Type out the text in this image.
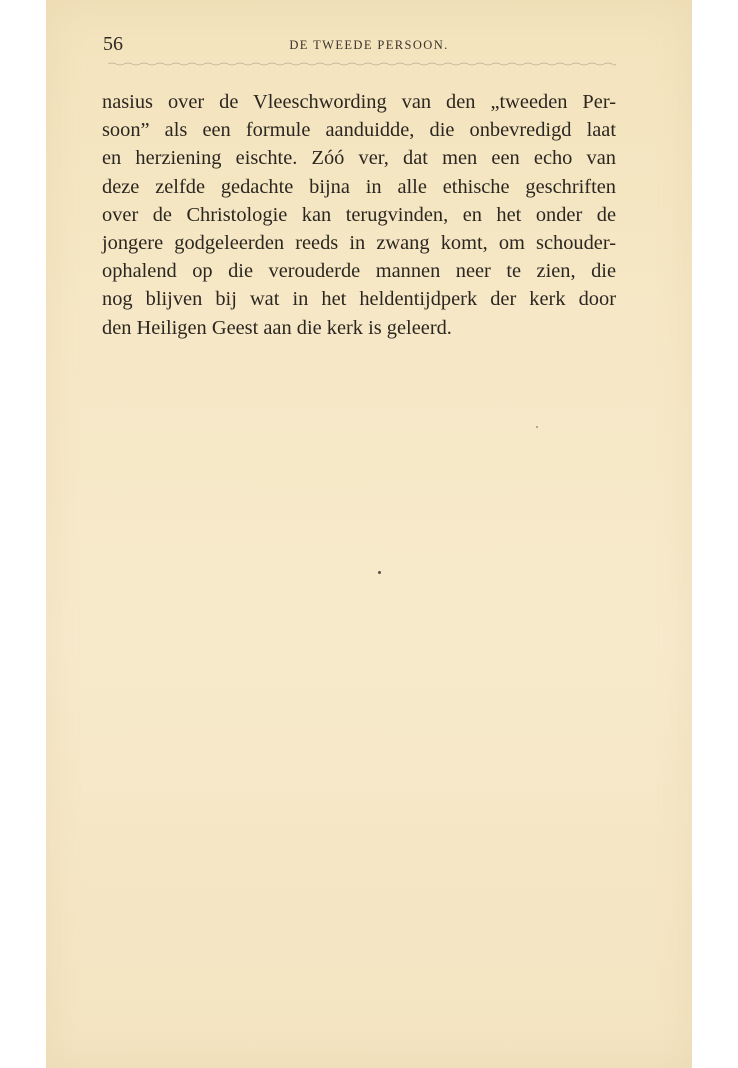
56	DE TWEEDE PERSOON.
nasius over de Vleeschwording van den „tweeden Per-
soon” als een formule aanduidde, die onbevredigd laat
en herziening eischte. Zóó ver, dat men een echo van
deze zelfde gedachte bijna in alle ethische geschriften
over de Christologie kan terugvinden, en het onder de
jongere godgeleerden reeds in zwang komt, om schouder-
ophalend op die verouderde mannen neer te zien, die
nog blijven bij wat in het heldentijdperk der kerk door
den Heiligen Geest aan die kerk is geleerd.
